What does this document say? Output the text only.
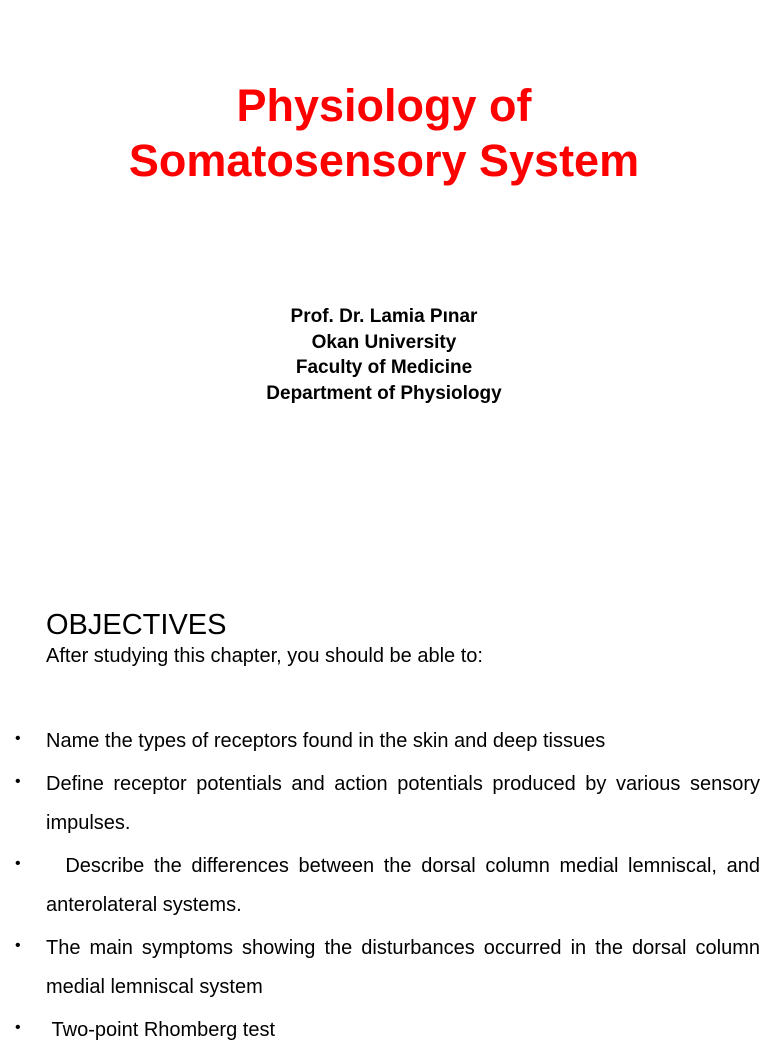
Physiology of
Somatosensory System
Prof. Dr. Lamia Pınar
Okan University
Faculty of Medicine
Department of Physiology
OBJECTIVES
After studying this chapter, you should be able to:
• Name the types of receptors found in the skin and deep tissues
• Define receptor potentials and action potentials produced by various sensory impulses.
• Describe the differences between the dorsal column medial lemniscal, and anterolateral systems.
• The main symptoms showing the disturbances occurred in the dorsal column medial lemniscal system
• Two-point Rhomberg test
